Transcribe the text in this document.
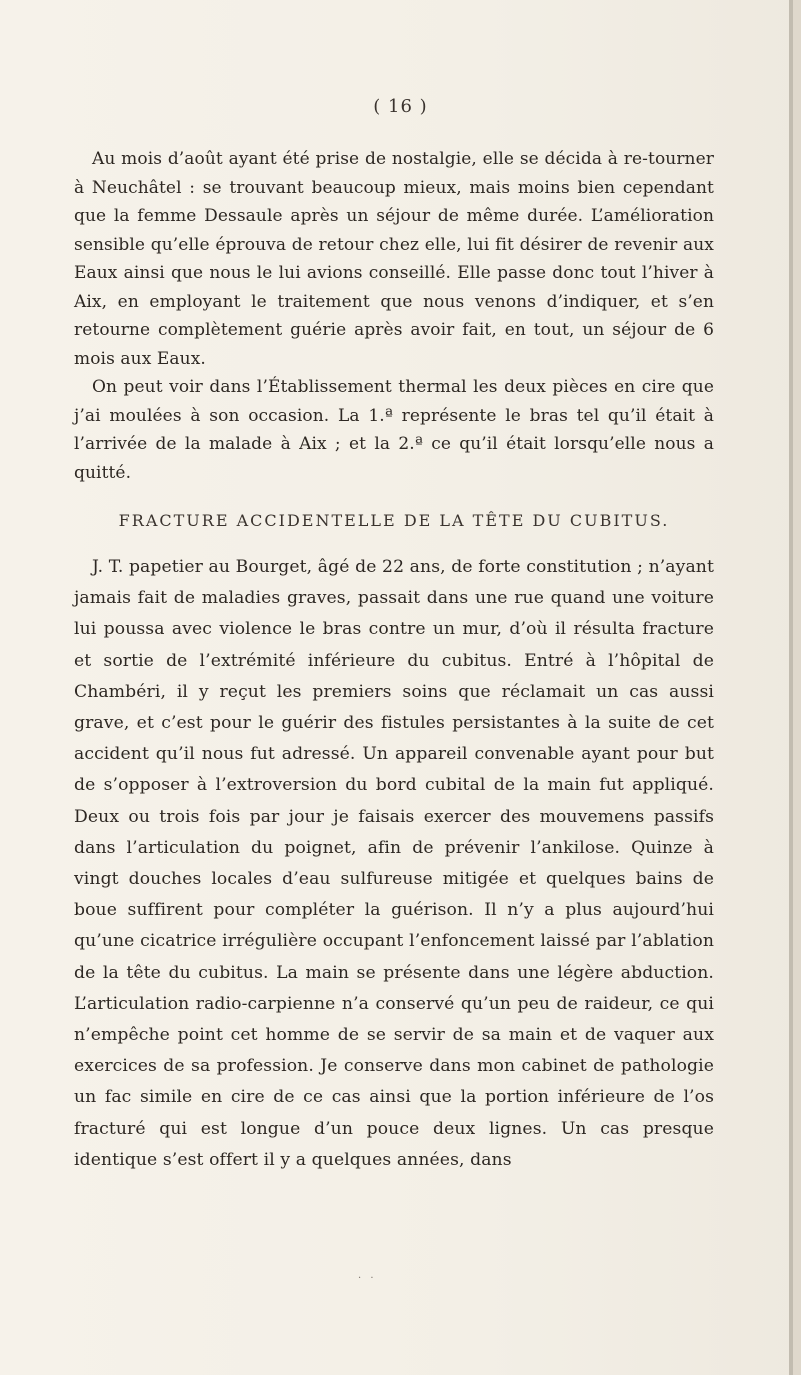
( 16 )

Au mois d’août ayant été prise de nostalgie, elle se décida à re-tourner à Neuchâtel : se trouvant beaucoup mieux, mais moins bien cependant que la femme Dessaule après un séjour de même durée. L’amélioration sensible qu’elle éprouva de retour chez elle, lui fit désirer de revenir aux Eaux ainsi que nous le lui avions conseillé. Elle passe donc tout l’hiver à Aix, en employant le traitement que nous venons d’indiquer, et s’en retourne complètement guérie après avoir fait, en tout, un séjour de 6 mois aux Eaux.

On peut voir dans l’Établissement thermal les deux pièces en cire que j’ai moulées à son occasion. La 1.ª représente le bras tel qu’il était à l’arrivée de la malade à Aix ; et la 2.ª ce qu’il était lorsqu’elle nous a quitté.

FRACTURE ACCIDENTELLE DE LA TÊTE DU CUBITUS.

J. T. papetier au Bourget, âgé de 22 ans, de forte constitution ; n’ayant jamais fait de maladies graves, passait dans une rue quand une voiture lui poussa avec violence le bras contre un mur, d’où il résulta fracture et sortie de l’extrémité inférieure du cubitus. Entré à l’hôpital de Chambéri, il y reçut les premiers soins que réclamait un cas aussi grave, et c’est pour le guérir des fistules persistantes à la suite de cet accident qu’il nous fut adressé. Un appareil convenable ayant pour but de s’opposer à l’extroversion du bord cubital de la main fut appliqué. Deux ou trois fois par jour je faisais exercer des mouvemens passifs dans l’articulation du poignet, afin de prévenir l’ankilose. Quinze à vingt douches locales d’eau sulfureuse mitigée et quelques bains de boue suffirent pour compléter la guérison. Il n’y a plus aujourd’hui qu’une cicatrice irrégulière occupant l’enfoncement laissé par l’ablation de la tête du cubitus. La main se présente dans une légère abduction. L’articulation radio-carpienne n’a conservé qu’un peu de raideur, ce qui n’empêche point cet homme de se servir de sa main et de vaquer aux exercices de sa profession. Je conserve dans mon cabinet de pathologie un fac simile en cire de ce cas ainsi que la portion inférieure de l’os fracturé qui est longue d’un pouce deux lignes. Un cas presque identique s’est offert il y a quelques années, dans

· ·
